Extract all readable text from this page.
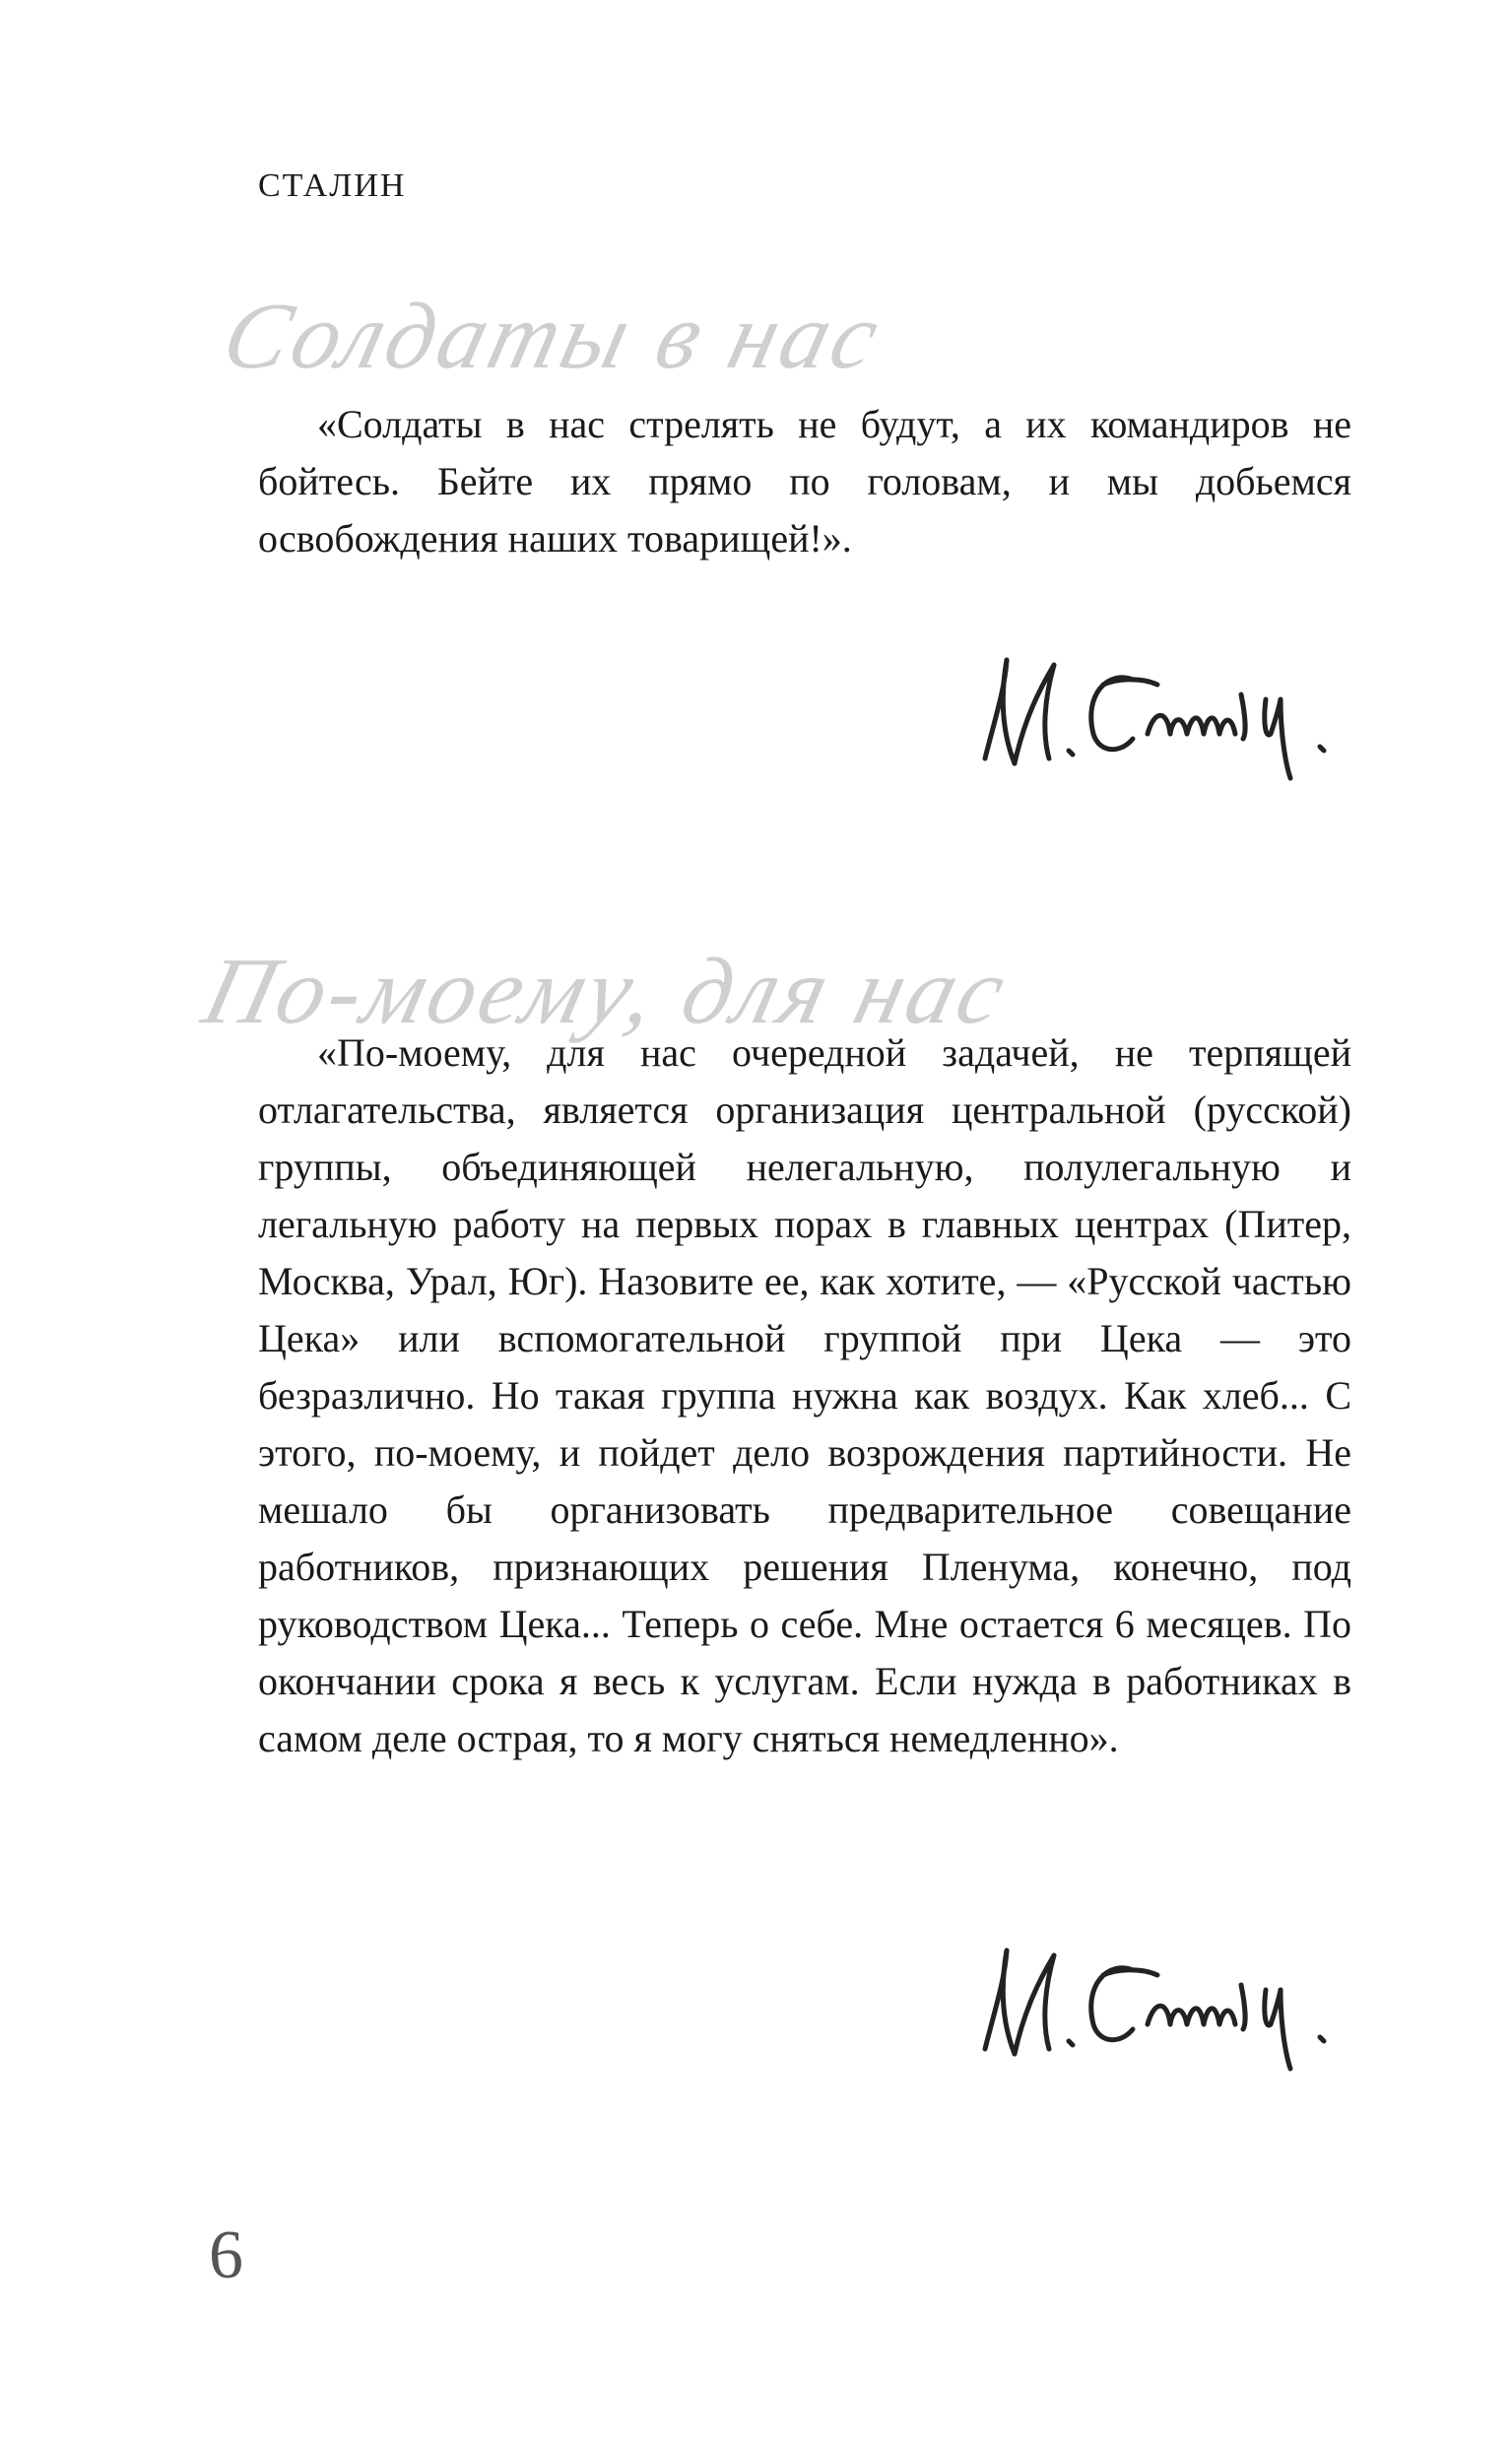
СТАЛИН
Солдаты в нас

«Солдаты в нас стрелять не будут, а их командиров не бойтесь. Бейте их прямо по головам, и мы добьемся освобождения наших товарищей!».

И. Сталин.
По-моему, для нас

«По-моему, для нас очередной задачей, не терпящей отлагательства, является организация центральной (русской) группы, объединяющей нелегальную, полулегальную и легальную работу на первых порах в главных центрах (Питер, Москва, Урал, Юг). Назовите ее, как хотите, — «Русской частью Цека» или вспомогательной группой при Цека — это безразлично. Но такая группа нужна как воздух. Как хлеб... С этого, по-моему, и пойдет дело возрождения партийности. Не мешало бы организовать предварительное совещание работников, признающих решения Пленума, конечно, под руководством Цека... Теперь о себе. Мне остается 6 месяцев. По окончании срока я весь к услугам. Если нужда в работниках в самом деле острая, то я могу сняться немедленно».

И. Сталин.
6
